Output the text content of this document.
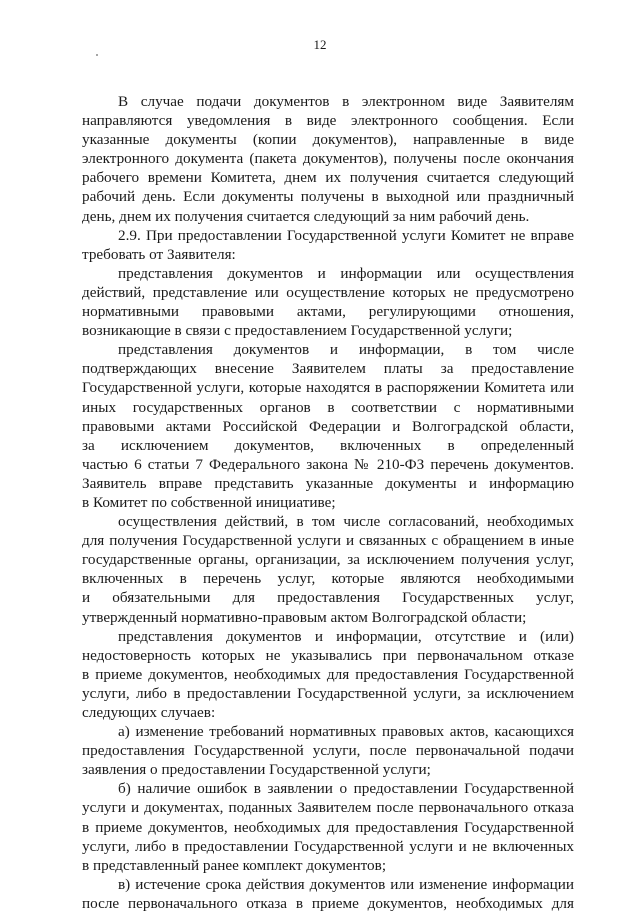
12
В случае подачи документов в электронном виде Заявителям
направляются уведомления в виде электронного сообщения. Если
указанные документы (копии документов), направленные в виде
электронного документа (пакета документов), получены после окончания
рабочего времени Комитета, днем их получения считается следующий
рабочий день. Если документы получены в выходной или праздничный
день, днем их получения считается следующий за ним рабочий день.
2.9. При предоставлении Государственной услуги Комитет не вправе
требовать от Заявителя:
представления документов и информации или осуществления
действий, представление или осуществление которых не предусмотрено
нормативными правовыми актами, регулирующими отношения,
возникающие в связи с предоставлением Государственной услуги;
представления документов и информации, в том числе
подтверждающих внесение Заявителем платы за предоставление
Государственной услуги, которые находятся в распоряжении Комитета или
иных государственных органов в соответствии с нормативными
правовыми актами Российской Федерации и Волгоградской области,
за исключением документов, включенных в определенный
частью 6 статьи 7 Федерального закона № 210-ФЗ перечень документов.
Заявитель вправе представить указанные документы и информацию
в Комитет по собственной инициативе;
осуществления действий, в том числе согласований, необходимых
для получения Государственной услуги и связанных с обращением в иные
государственные органы, организации, за исключением получения услуг,
включенных в перечень услуг, которые являются необходимыми
и обязательными для предоставления Государственных услуг,
утвержденный нормативно-правовым актом Волгоградской области;
представления документов и информации, отсутствие и (или)
недостоверность которых не указывались при первоначальном отказе
в приеме документов, необходимых для предоставления Государственной
услуги, либо в предоставлении Государственной услуги, за исключением
следующих случаев:
а) изменение требований нормативных правовых актов, касающихся
предоставления Государственной услуги, после первоначальной подачи
заявления о предоставлении Государственной услуги;
б) наличие ошибок в заявлении о предоставлении Государственной
услуги и документах, поданных Заявителем после первоначального отказа
в приеме документов, необходимых для предоставления Государственной
услуги, либо в предоставлении Государственной услуги и не включенных
в представленный ранее комплект документов;
в) истечение срока действия документов или изменение информации
после первоначального отказа в приеме документов, необходимых для
